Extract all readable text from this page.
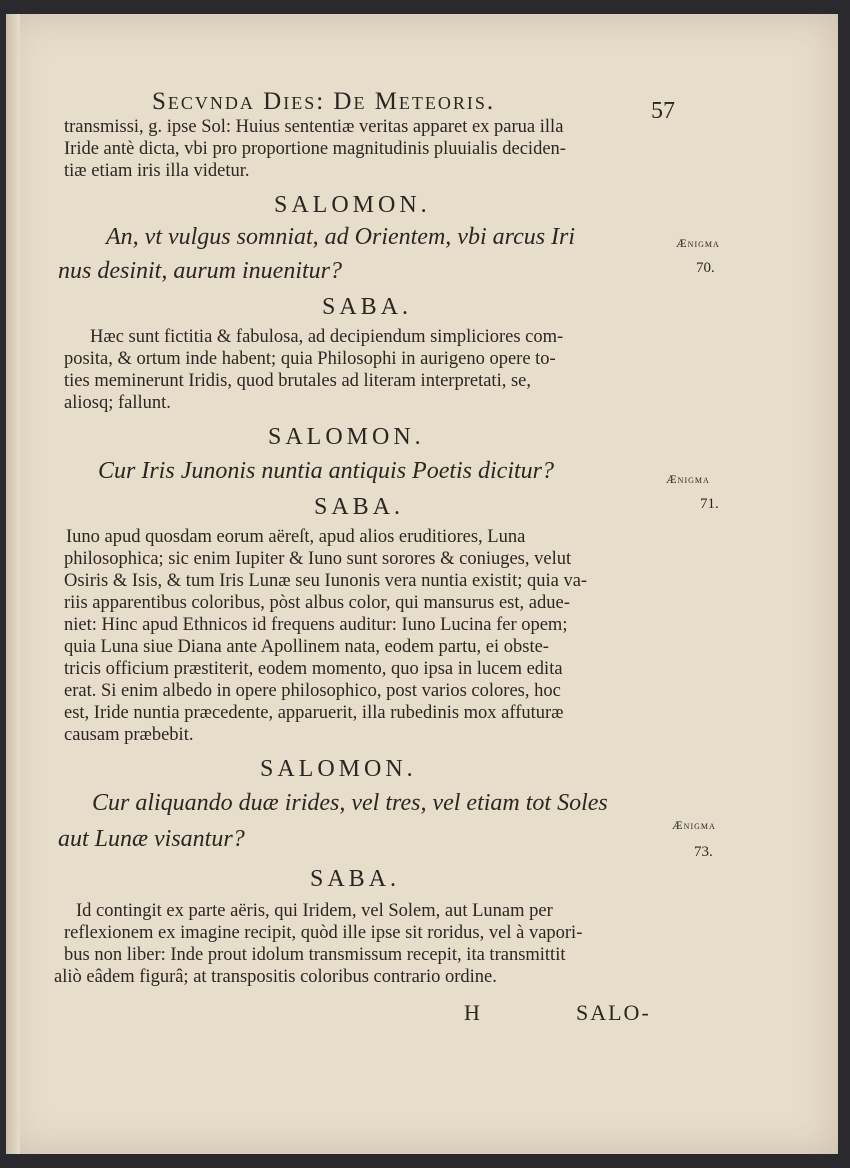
Secvnda Dies: De Meteoris.	57
transmissi, g. ipse Sol: Huius sententiæ veritas apparet ex parua illa
Iride antè dicta, vbi pro proportione magnitudinis pluuialis deciden-
tiæ etiam iris illa videtur.
SALOMON.
An, vt vulgus somniat, ad Orientem, vbi arcus Iri
nus desinit, aurum inuenitur?
SABA.
Hæc sunt fictitia & fabulosa, ad decipiendum simpliciores com-
posita, & ortum inde habent; quia Philosophi in aurigeno opere to-
ties meminerunt Iridis, quod brutales ad literam interpretati, se,
aliosq; fallunt.
SALOMON.
Cur Iris Junonis nuntia antiquis Poetis dicitur?
SABA.
Iuno apud quosdam eorum aëreſt, apud alios eruditiores, Luna
philosophica; sic enim Iupiter & Iuno sunt sorores & coniuges, velut
Osiris & Isis, & tum Iris Lunæ seu Iunonis vera nuntia existit; quia va-
riis apparentibus coloribus, pòst albus color, qui mansurus est, adue-
niet: Hinc apud Ethnicos id frequens auditur: Iuno Lucina fer opem;
quia Luna siue Diana ante Apollinem nata, eodem partu, ei obste-
tricis officium præstiterit, eodem momento, quo ipsa in lucem edita
erat. Si enim albedo in opere philosophico, post varios colores, hoc
est, Iride nuntia præcedente, apparuerit, illa rubedinis mox affuturæ
causam præbebit.
SALOMON.
Cur aliquando duæ irides, vel tres, vel etiam tot Soles
aut Lunæ visantur?
SABA.
Id contingit ex parte aëris, qui Iridem, vel Solem, aut Lunam per
reflexionem ex imagine recipit, quòd ille ipse sit roridus, vel à vapori-
bus non liber: Inde prout idolum transmissum recepit, ita transmittit
aliò eâdem figurâ; at transpositis coloribus contrario ordine.
Ænigma
70.
Ænigma
71.
Ænigma
73.
H	SALO-
